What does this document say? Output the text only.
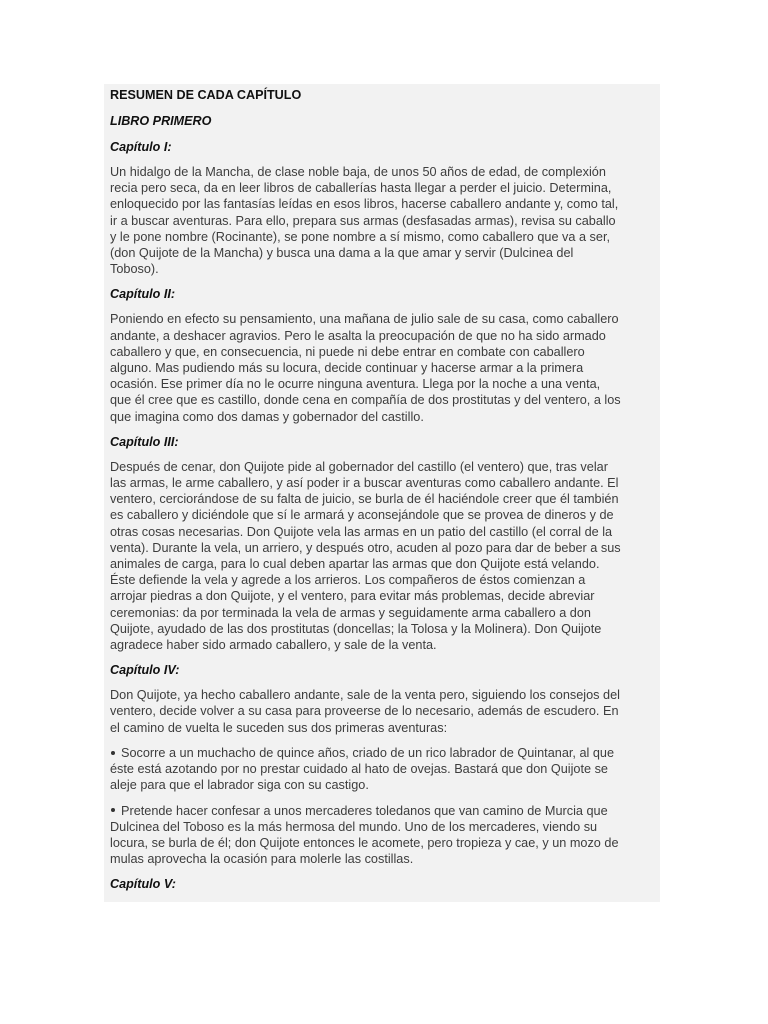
RESUMEN DE CADA CAPÍTULO
LIBRO PRIMERO
Capítulo I:
Un hidalgo de la Mancha, de clase noble baja, de unos 50 años de edad, de complexión
recia pero seca, da en leer libros de caballerías hasta llegar a perder el juicio. Determina,
enloquecido por las fantasías leídas en esos libros, hacerse caballero andante y, como tal,
ir a buscar aventuras. Para ello, prepara sus armas (desfasadas armas), revisa su caballo
y le pone nombre (Rocinante), se pone nombre a sí mismo, como caballero que va a ser,
(don Quijote de la Mancha) y busca una dama a la que amar y servir (Dulcinea del
Toboso).
Capítulo II:
Poniendo en efecto su pensamiento, una mañana de julio sale de su casa, como caballero
andante, a deshacer agravios. Pero le asalta la preocupación de que no ha sido armado
caballero y que, en consecuencia, ni puede ni debe entrar en combate con caballero
alguno. Mas pudiendo más su locura, decide continuar y hacerse armar a la primera
ocasión. Ese primer día no le ocurre ninguna aventura. Llega por la noche a una venta,
que él cree que es castillo, donde cena en compañía de dos prostitutas y del ventero, a los
que imagina como dos damas y gobernador del castillo.
Capítulo III:
Después de cenar, don Quijote pide al gobernador del castillo (el ventero) que, tras velar
las armas, le arme caballero, y así poder ir a buscar aventuras como caballero andante. El
ventero, cerciorándose de su falta de juicio, se burla de él haciéndole creer que él también
es caballero y diciéndole que sí le armará y aconsejándole que se provea de dineros y de
otras cosas necesarias. Don Quijote vela las armas en un patio del castillo (el corral de la
venta). Durante la vela, un arriero, y después otro, acuden al pozo para dar de beber a sus
animales de carga, para lo cual deben apartar las armas que don Quijote está velando.
Éste defiende la vela y agrede a los arrieros. Los compañeros de éstos comienzan a
arrojar piedras a don Quijote, y el ventero, para evitar más problemas, decide abreviar
ceremonias: da por terminada la vela de armas y seguidamente arma caballero a don
Quijote, ayudado de las dos prostitutas (doncellas; la Tolosa y la Molinera). Don Quijote
agradece haber sido armado caballero, y sale de la venta.
Capítulo IV:
Don Quijote, ya hecho caballero andante, sale de la venta pero, siguiendo los consejos del
ventero, decide volver a su casa para proveerse de lo necesario, además de escudero. En
el camino de vuelta le suceden sus dos primeras aventuras:
Socorre a un muchacho de quince años, criado de un rico labrador de Quintanar, al que
éste está azotando por no prestar cuidado al hato de ovejas. Bastará que don Quijote se
aleje para que el labrador siga con su castigo.
Pretende hacer confesar a unos mercaderes toledanos que van camino de Murcia que
Dulcinea del Toboso es la más hermosa del mundo. Uno de los mercaderes, viendo su
locura, se burla de él; don Quijote entonces le acomete, pero tropieza y cae, y un mozo de
mulas aprovecha la ocasión para molerle las costillas.
Capítulo V:
